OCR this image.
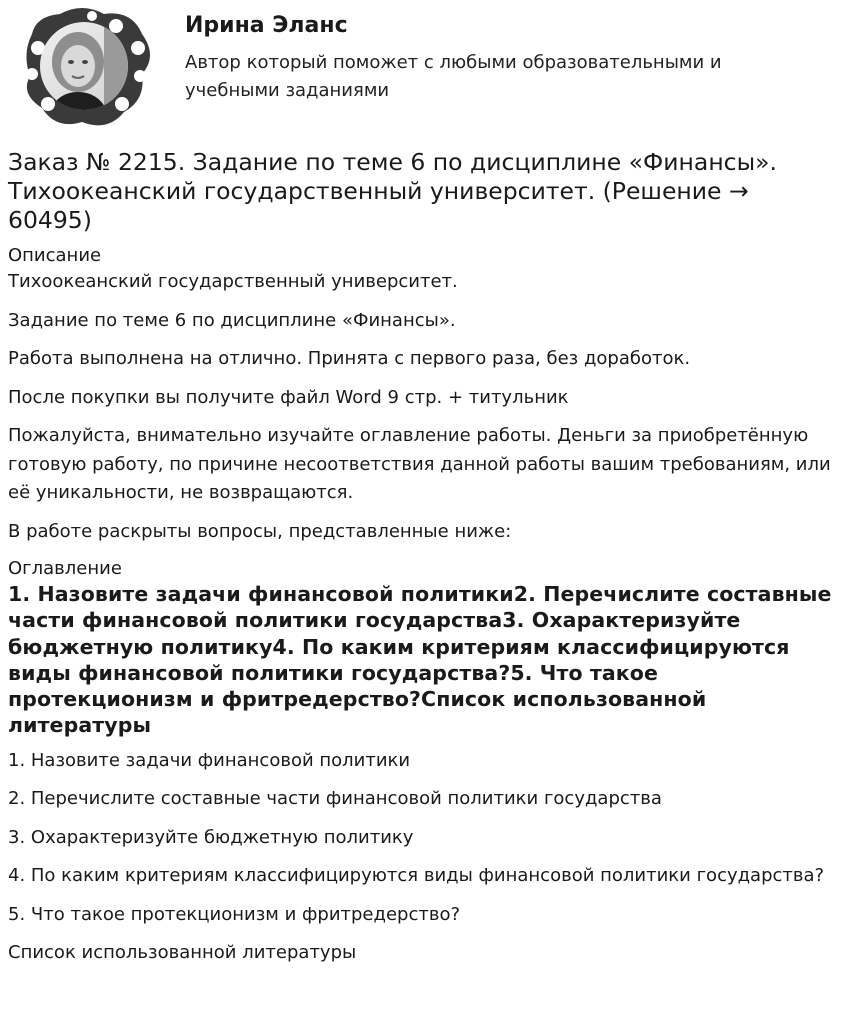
Ирина Эланс

Автор который поможет с любыми образовательными и учебными заданиями

Заказ № 2215. Задание по теме 6 по дисциплине «Финансы». Тихоокеанский государственный университет. (Решение → 60495)
Описание

Тихоокеанский государственный университет.

Задание по теме 6 по дисциплине «Финансы».

Работа выполнена на отлично. Принята с первого раза, без доработок.

После покупки вы получите файл Word 9 стр. + титульник

Пожалуйста, внимательно изучайте оглавление работы. Деньги за приобретённую готовую работу, по причине несоответствия данной работы вашим требованиям, или её уникальности, не возвращаются.

В работе раскрыты вопросы, представленные ниже:

Оглавление

1. Назовите задачи финансовой политики2. Перечислите составные части финансовой политики государства3. Охарактеризуйте бюджетную политику4. По каким критериям классифицируются виды финансовой политики государства?5. Что такое протекционизм и фритредерство?Список использованной литературы

1. Назовите задачи финансовой политики

2. Перечислите составные части финансовой политики государства

3. Охарактеризуйте бюджетную политику

4. По каким критериям классифицируются виды финансовой политики государства?

5. Что такое протекционизм и фритредерство?

Список использованной литературы
